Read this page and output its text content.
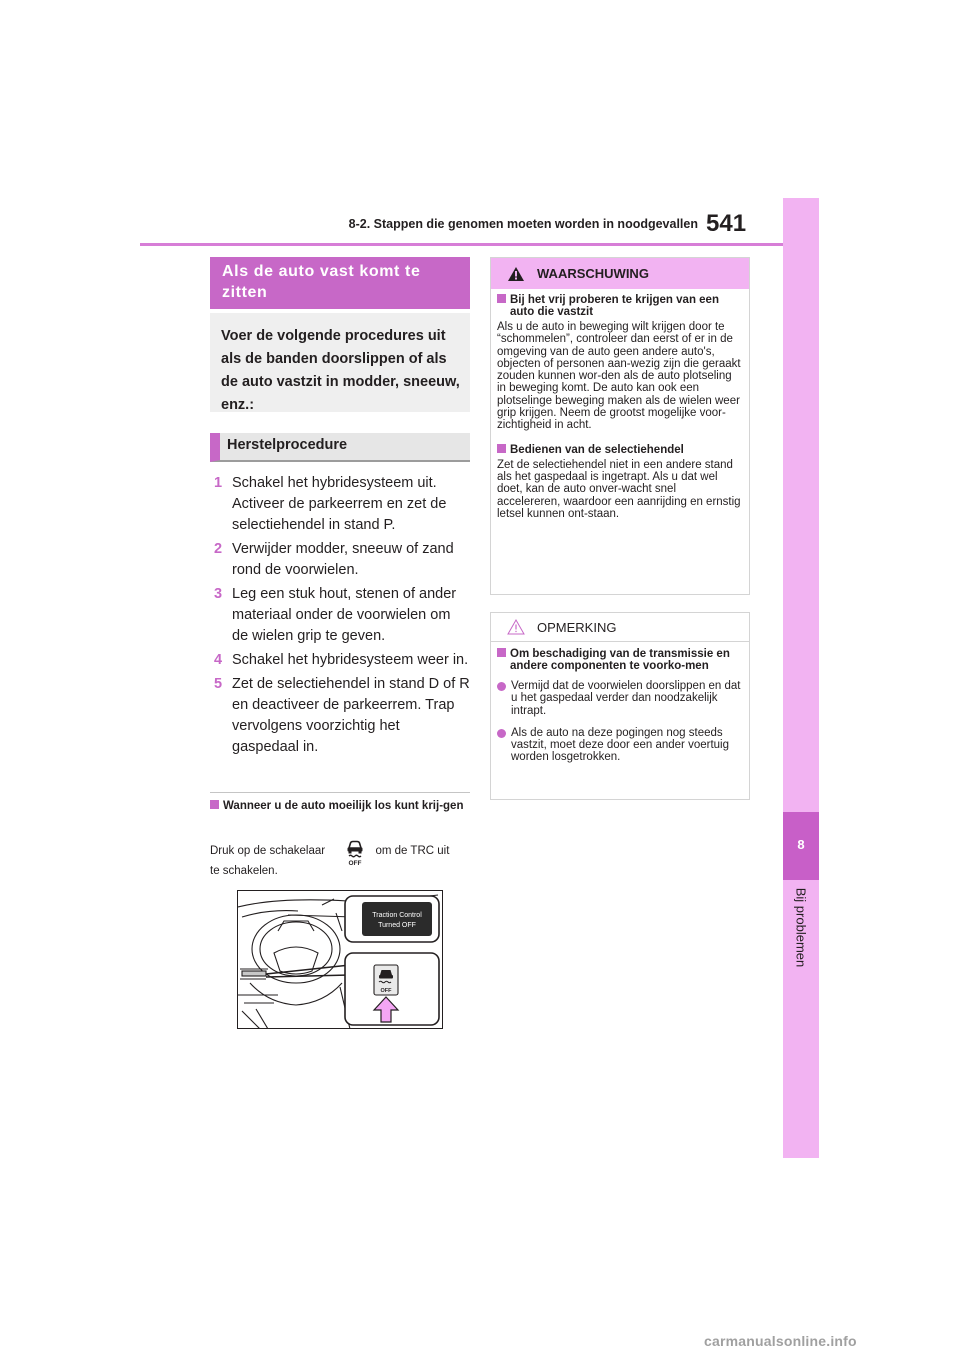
8
Bij problemen
8-2. Stappen die genomen moeten worden in noodgevallen 541
Als de auto vast komt te zitten
Voer de volgende procedures uit als de banden doorslippen of als de auto vastzit in modder, sneeuw, enz.:
Herstelprocedure
1 Schakel het hybridesysteem uit. Activeer de parkeerrem en zet de selectiehendel in stand P.
2 Verwijder modder, sneeuw of zand rond de voorwielen.
3 Leg een stuk hout, stenen of ander materiaal onder de voorwielen om de wielen grip te geven.
4 Schakel het hybridesysteem weer in.
5 Zet de selectiehendel in stand D of R en deactiveer de parkeerrem. Trap vervolgens voorzichtig het gaspedaal in.
Wanneer u de auto moeilijk los kunt krij-gen
Druk op de schakelaar	om de TRC uit
te schakelen.
OFF
Traction Control
Turned OFF
OFF
WAARSCHUWING
Bij het vrij proberen te krijgen van een auto die vastzit
Als u de auto in beweging wilt krijgen door te “schommelen”, controleer dan eerst of er in de omgeving van de auto geen andere auto's, objecten of personen aan-wezig zijn die geraakt zouden kunnen wor-den als de auto plotseling in beweging komt. De auto kan ook een plotselinge beweging maken als de wielen weer grip krijgen. Neem de grootst mogelijke voor-zichtigheid in acht.
Bedienen van de selectiehendel
Zet de selectiehendel niet in een andere stand als het gaspedaal is ingetrapt. Als u dat wel doet, kan de auto onver-wacht snel accelereren, waardoor een aanrijding en ernstig letsel kunnen ont-staan.
OPMERKING
Om beschadiging van de transmissie en andere componenten te voorko-men
Vermijd dat de voorwielen doorslippen en dat u het gaspedaal verder dan noodzakelijk intrapt.
Als de auto na deze pogingen nog steeds vastzit, moet deze door een ander voertuig worden losgetrokken.
carmanualsonline.info
